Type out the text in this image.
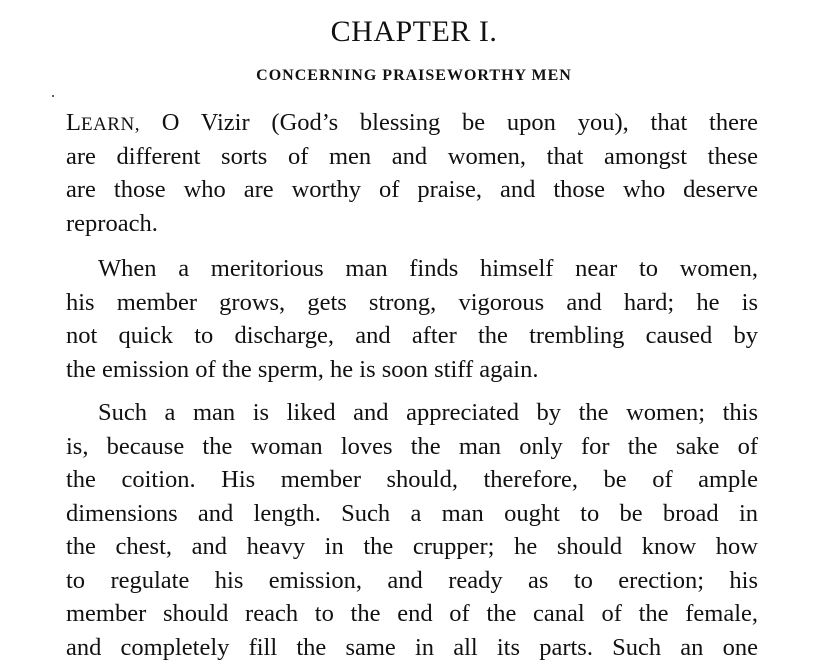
CHAPTER I.
CONCERNING PRAISEWORTHY MEN
LEARN, O Vizir (God’s blessing be upon you), that there
are different sorts of men and women, that amongst these
are those who are worthy of praise, and those who deserve
reproach.
When a meritorious man finds himself near to women,
his member grows, gets strong, vigorous and hard; he is
not quick to discharge, and after the trembling caused by
the emission of the sperm, he is soon stiff again.
Such a man is liked and appreciated by the women; this
is, because the woman loves the man only for the sake of
the coition. His member should, therefore, be of ample
dimensions and length. Such a man ought to be broad in
the chest, and heavy in the crupper; he should know how
to regulate his emission, and ready as to erection; his
member should reach to the end of the canal of the female,
and completely fill the same in all its parts. Such an one
